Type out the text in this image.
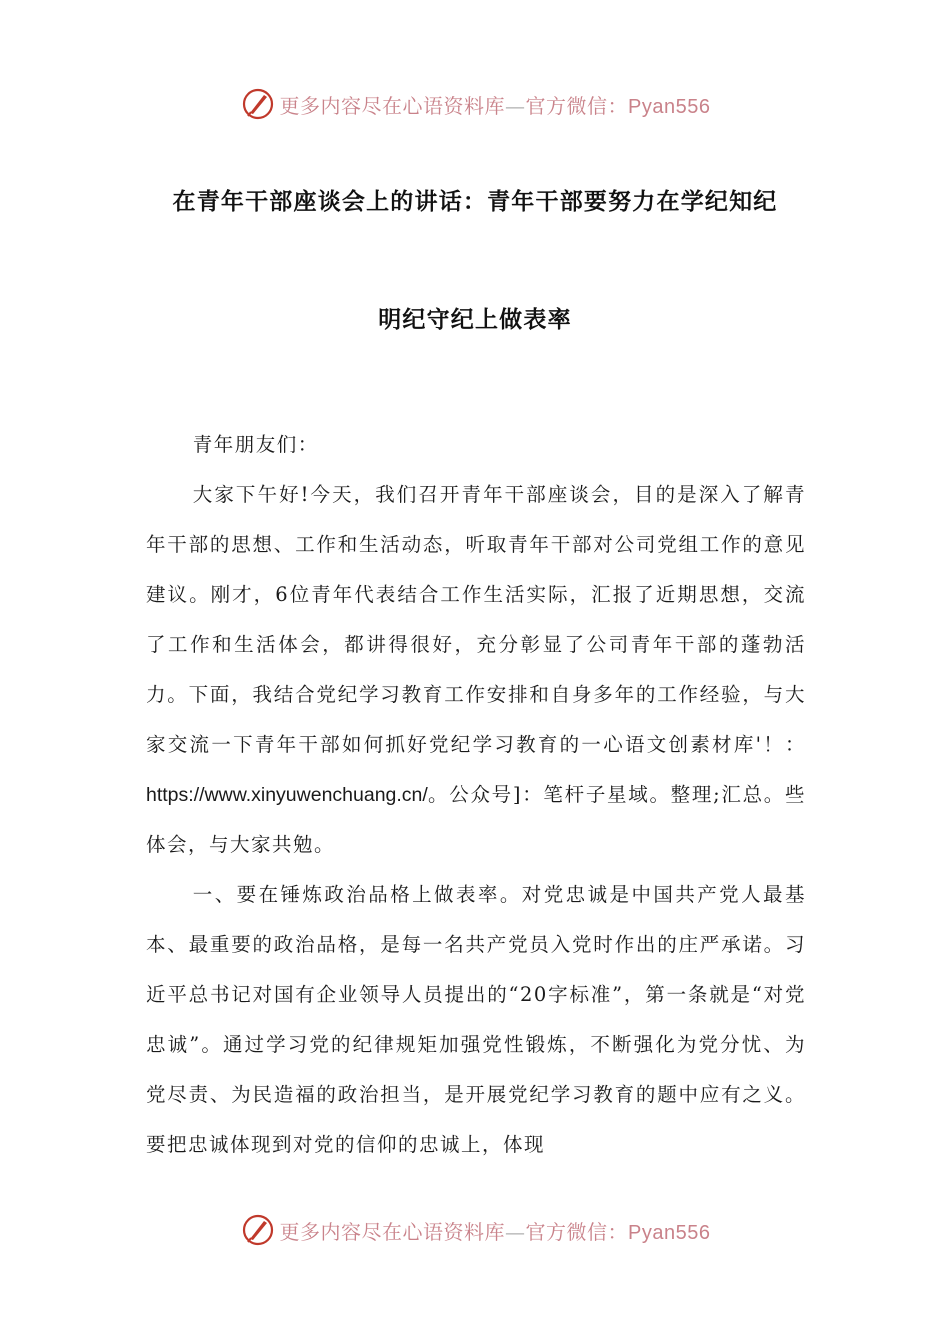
更多内容尽在心语资料库—官方微信：Pyan556
在青年干部座谈会上的讲话：青年干部要努力在学纪知纪
明纪守纪上做表率

青年朋友们：

大家下午好!今天，我们召开青年干部座谈会，目的是深入了解青年干部的思想、工作和生活动态，听取青年干部对公司党组工作的意见建议。刚才，6位青年代表结合工作生活实际，汇报了近期思想，交流了工作和生活体会，都讲得很好，充分彰显了公司青年干部的蓬勃活力。下面，我结合党纪学习教育工作安排和自身多年的工作经验，与大家交流一下青年干部如何抓好党纪学习教育的一心语文创素材库'！：https://www.xinyuwenchuang.cn/。公众号]：笔杆子星域。整理;汇总。些体会，与大家共勉。

一、要在锤炼政治品格上做表率。对党忠诚是中国共产党人最基本、最重要的政治品格，是每一名共产党员入党时作出的庄严承诺。习近平总书记对国有企业领导人员提出的“20字标准”，第一条就是“对党忠诚”。通过学习党的纪律规矩加强党性锻炼，不断强化为党分忧、为党尽责、为民造福的政治担当，是开展党纪学习教育的题中应有之义。要把忠诚体现到对党的信仰的忠诚上，体现

更多内容尽在心语资料库—官方微信：Pyan556
